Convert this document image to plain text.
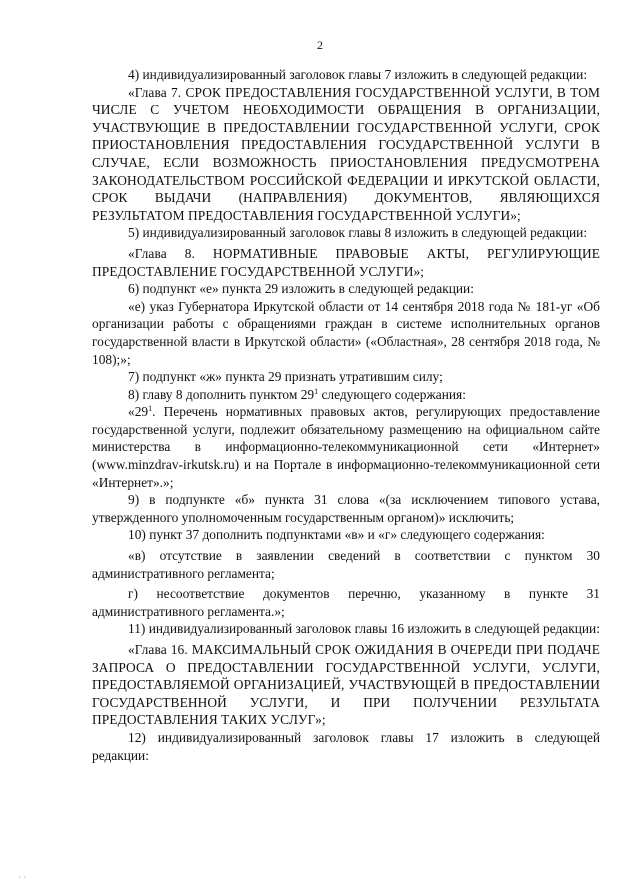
2

4) индивидуализированный заголовок главы 7 изложить в следующей редакции:

«Глава 7. СРОК ПРЕДОСТАВЛЕНИЯ ГОСУДАРСТВЕННОЙ УСЛУГИ, В ТОМ ЧИСЛЕ С УЧЕТОМ НЕОБХОДИМОСТИ ОБРАЩЕНИЯ В ОРГАНИЗАЦИИ, УЧАСТВУЮЩИЕ В ПРЕДОСТАВЛЕНИИ ГОСУДАРСТВЕННОЙ УСЛУГИ, СРОК ПРИОСТАНОВЛЕНИЯ ПРЕДОСТАВЛЕНИЯ ГОСУДАРСТВЕННОЙ УСЛУГИ В СЛУЧАЕ, ЕСЛИ ВОЗМОЖНОСТЬ ПРИОСТАНОВЛЕНИЯ ПРЕДУСМОТРЕНА ЗАКОНОДАТЕЛЬСТВОМ РОССИЙСКОЙ ФЕДЕРАЦИИ И ИРКУТСКОЙ ОБЛАСТИ, СРОК ВЫДАЧИ (НАПРАВЛЕНИЯ) ДОКУМЕНТОВ, ЯВЛЯЮЩИХСЯ РЕЗУЛЬТАТОМ ПРЕДОСТАВЛЕНИЯ ГОСУДАРСТВЕННОЙ УСЛУГИ»;

5) индивидуализированный заголовок главы 8 изложить в следующей редакции:

«Глава 8. НОРМАТИВНЫЕ ПРАВОВЫЕ АКТЫ, РЕГУЛИРУЮЩИЕ ПРЕДОСТАВЛЕНИЕ ГОСУДАРСТВЕННОЙ УСЛУГИ»;

6) подпункт «е» пункта 29 изложить в следующей редакции:

«е) указ Губернатора Иркутской области от 14 сентября 2018 года № 181-уг «Об организации работы с обращениями граждан в системе исполнительных органов государственной власти в Иркутской области» («Областная», 28 сентября 2018 года, № 108);»;

7) подпункт «ж» пункта 29 признать утратившим силу;

8) главу 8 дополнить пунктом $29^1$ следующего содержания:

«$29^1$. Перечень нормативных правовых актов, регулирующих предоставление государственной услуги, подлежит обязательному размещению на официальном сайте министерства в информационно-телекоммуникационной сети «Интернет» (www.minzdrav-irkutsk.ru) и на Портале в информационно-телекоммуникационной сети «Интернет».»;

9) в подпункте «б» пункта 31 слова «(за исключением типового устава, утвержденного уполномоченным государственным органом)» исключить;

10) пункт 37 дополнить подпунктами «в» и «г» следующего содержания:

«в) отсутствие в заявлении сведений в соответствии с пунктом 30 административного регламента;

г) несоответствие документов перечню, указанному в пункте 31 административного регламента.»;

11) индивидуализированный заголовок главы 16 изложить в следующей редакции:

«Глава 16. МАКСИМАЛЬНЫЙ СРОК ОЖИДАНИЯ В ОЧЕРЕДИ ПРИ ПОДАЧЕ ЗАПРОСА О ПРЕДОСТАВЛЕНИИ ГОСУДАРСТВЕННОЙ УСЛУГИ, УСЛУГИ, ПРЕДОСТАВЛЯЕМОЙ ОРГАНИЗАЦИЕЙ, УЧАСТВУЮЩЕЙ В ПРЕДОСТАВЛЕНИИ ГОСУДАРСТВЕННОЙ УСЛУГИ, И ПРИ ПОЛУЧЕНИИ РЕЗУЛЬТАТА ПРЕДОСТАВЛЕНИЯ ТАКИХ УСЛУГ»;

12) индивидуализированный заголовок главы 17 изложить в следующей редакции:

· ·
